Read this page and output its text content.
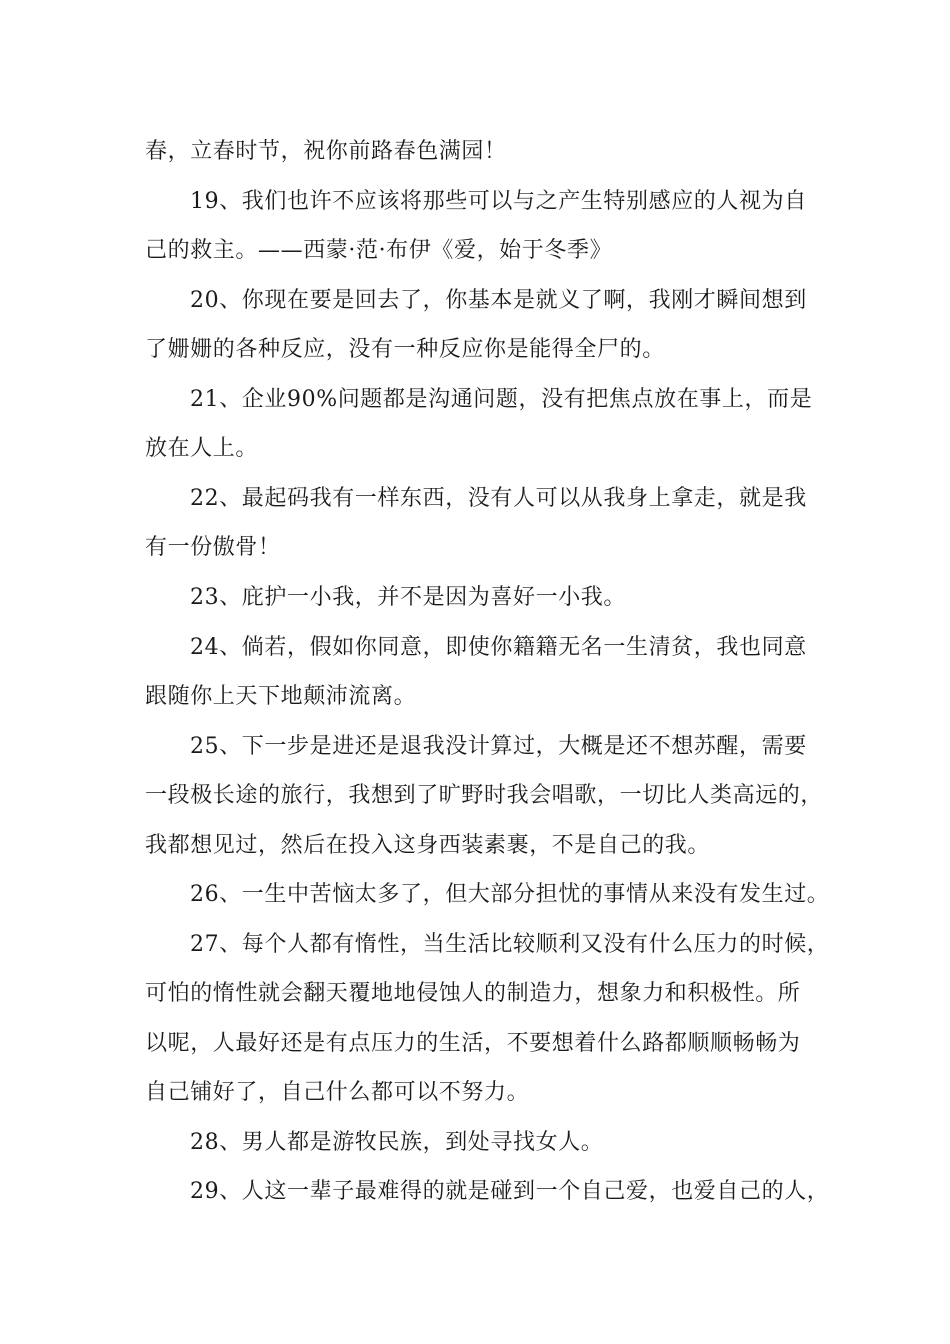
春，立春时节，祝你前路春色满园！
19、我们也许不应该将那些可以与之产生特别感应的人视为自
己的救主。——西蒙·范·布伊《爱，始于冬季》
20、你现在要是回去了，你基本是就义了啊，我刚才瞬间想到
了姗姗的各种反应，没有一种反应你是能得全尸的。
21、企业90%问题都是沟通问题，没有把焦点放在事上，而是
放在人上。
22、最起码我有一样东西，没有人可以从我身上拿走，就是我
有一份傲骨！
23、庇护一小我，并不是因为喜好一小我。
24、倘若，假如你同意，即使你籍籍无名一生清贫，我也同意
跟随你上天下地颠沛流离。
25、下一步是进还是退我没计算过，大概是还不想苏醒，需要
一段极长途的旅行，我想到了旷野时我会唱歌，一切比人类高远的，
我都想见过，然后在投入这身西装素裹，不是自己的我。
26、一生中苦恼太多了，但大部分担忧的事情从来没有发生过。
27、每个人都有惰性，当生活比较顺利又没有什么压力的时候，
可怕的惰性就会翻天覆地地侵蚀人的制造力，想象力和积极性。所
以呢，人最好还是有点压力的生活，不要想着什么路都顺顺畅畅为
自己铺好了，自己什么都可以不努力。
28、男人都是游牧民族，到处寻找女人。
29、人这一辈子最难得的就是碰到一个自己爱，也爱自己的人，
